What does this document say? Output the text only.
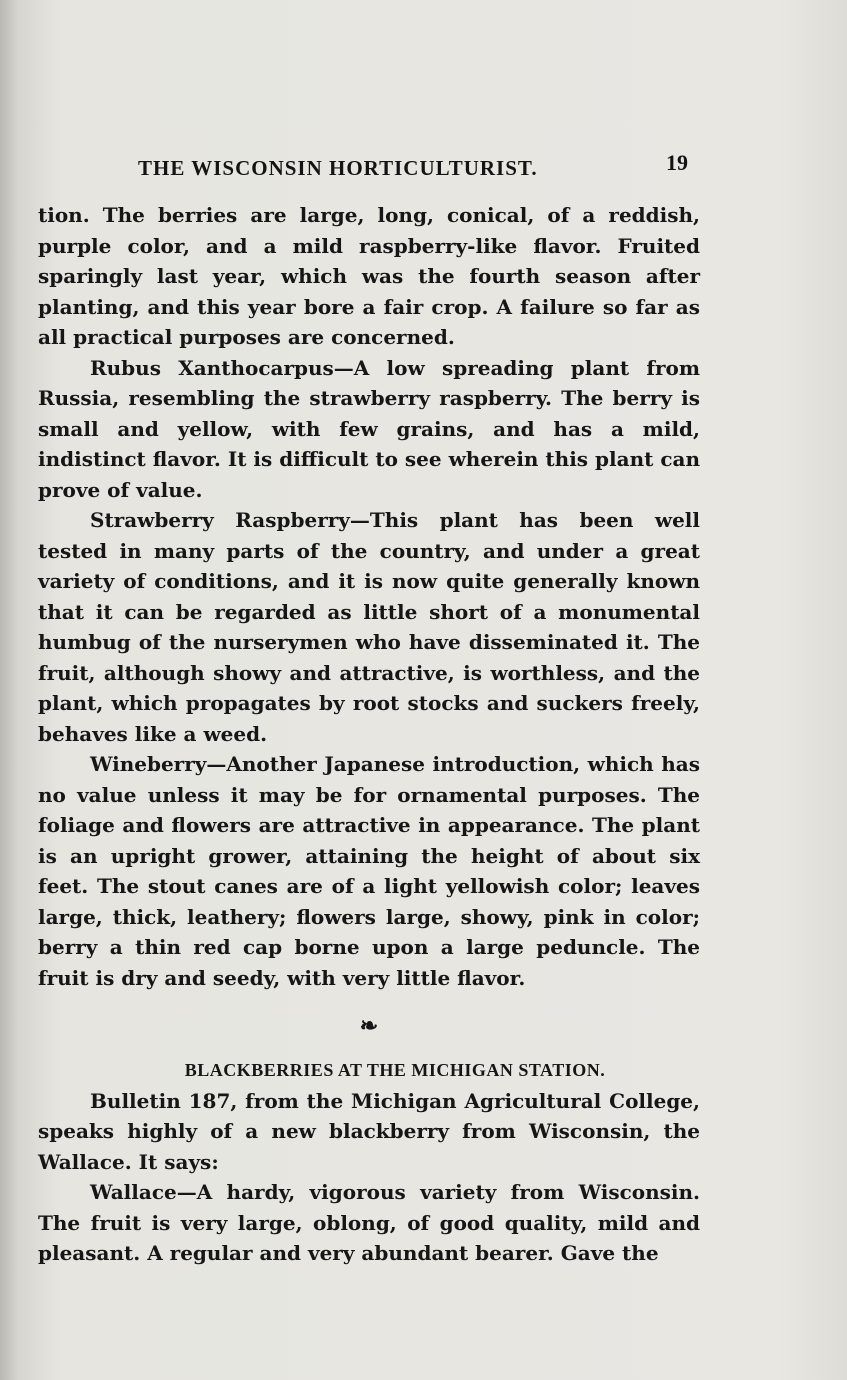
THE WISCONSIN HORTICULTURIST.	19

tion. The berries are large, long, conical, of a reddish, purple color, and a mild raspberry-like flavor. Fruited sparingly last year, which was the fourth season after planting, and this year bore a fair crop. A failure so far as all practical purposes are concerned.

Rubus Xanthocarpus—A low spreading plant from Russia, resembling the strawberry raspberry. The berry is small and yellow, with few grains, and has a mild, indistinct flavor. It is difficult to see wherein this plant can prove of value.

Strawberry Raspberry—This plant has been well tested in many parts of the country, and under a great variety of conditions, and it is now quite generally known that it can be regarded as little short of a monumental humbug of the nurserymen who have disseminated it. The fruit, although showy and attractive, is worthless, and the plant, which propagates by root stocks and suckers freely, behaves like a weed.

Wineberry—Another Japanese introduction, which has no value unless it may be for ornamental purposes. The foliage and flowers are attractive in appearance. The plant is an upright grower, attaining the height of about six feet. The stout canes are of a light yellowish color; leaves large, thick, leathery; flowers large, showy, pink in color; berry a thin red cap borne upon a large peduncle. The fruit is dry and seedy, with very little flavor.

❧

BLACKBERRIES AT THE MICHIGAN STATION.

Bulletin 187, from the Michigan Agricultural College, speaks highly of a new blackberry from Wisconsin, the Wallace. It says:

Wallace—A hardy, vigorous variety from Wisconsin. The fruit is very large, oblong, of good quality, mild and pleasant. A regular and very abundant bearer. Gave the
